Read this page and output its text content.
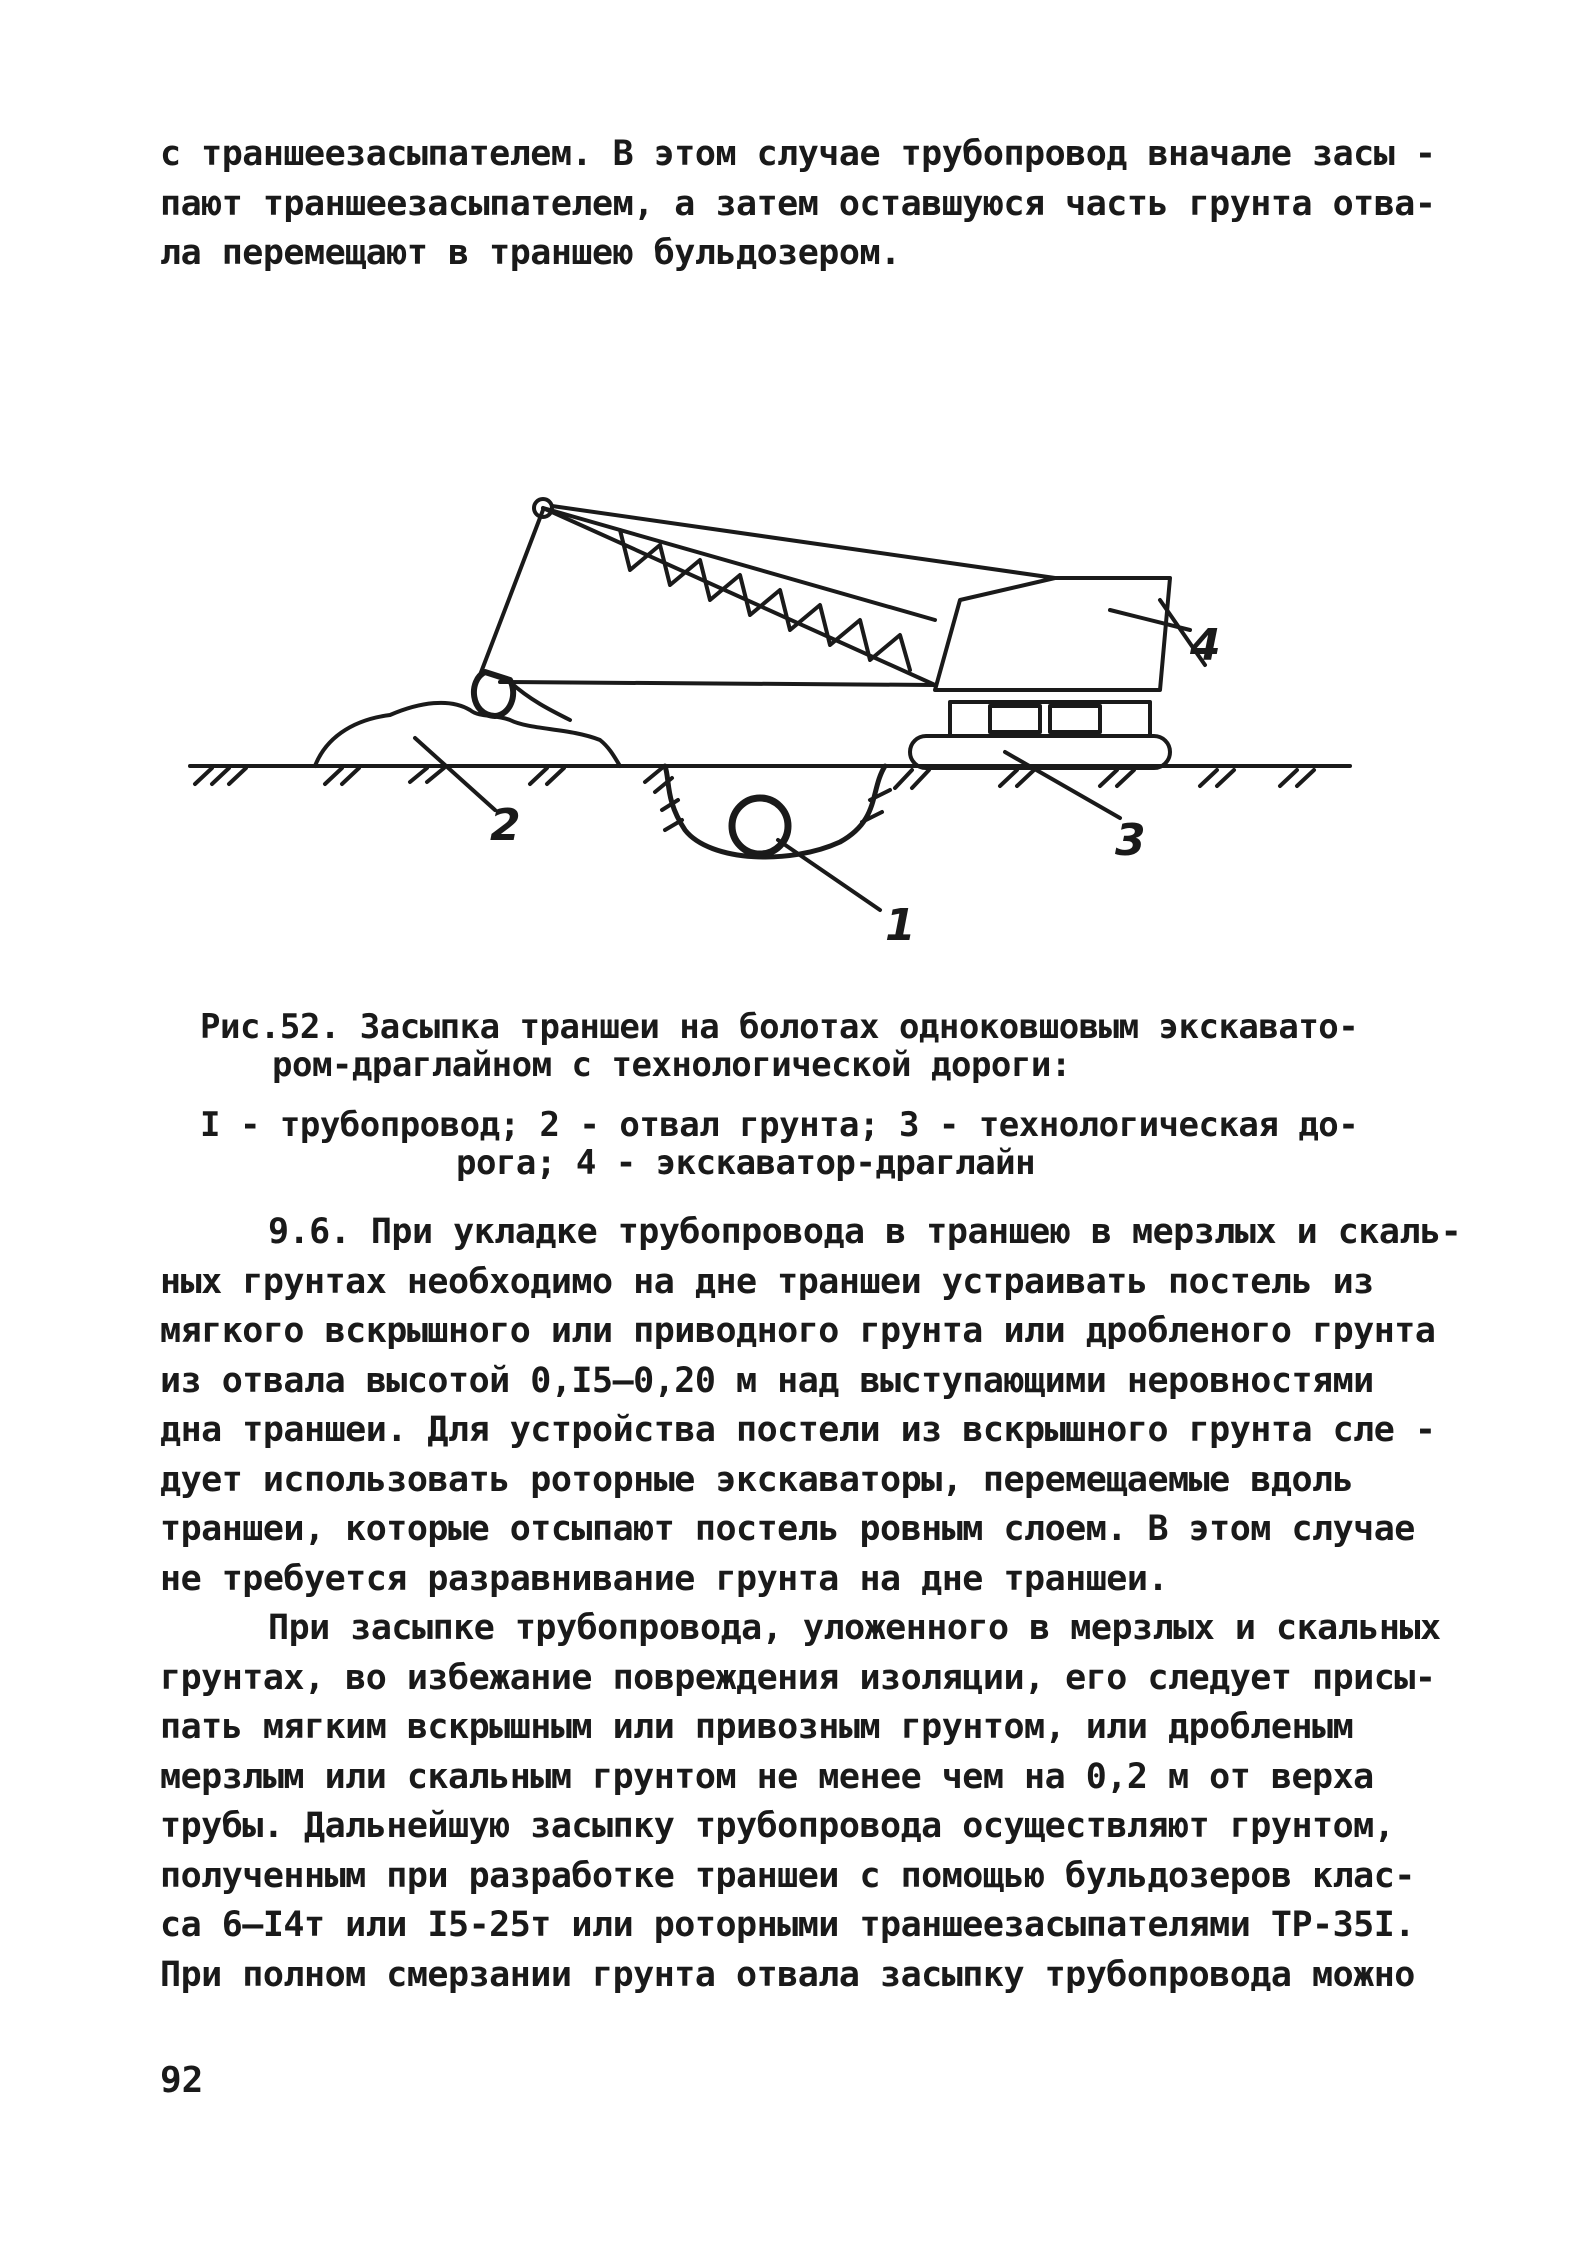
с траншеезасыпателем. В этом случае трубопровод вначале засы -
пают траншеезасыпателем, а затем оставшуюся часть грунта отва-
ла перемещают в траншею бульдозером.
1
2	3
4
Рис.52. Засыпка траншеи на болотах одноковшовым экскавато-
ром-драглайном с технологической дороги:
I - трубопровод; 2 - отвал грунта; 3 - технологическая до-
рога; 4 - экскаватор-драглайн
9.6. При укладке трубопровода в траншею в мерзлых и скаль-
ных грунтах необходимо на дне траншеи устраивать постель из
мягкого вскрышного или приводного грунта или дробленого грунта
из отвала высотой 0,I5–0,20 м над выступающими неровностями
дна траншеи. Для устройства постели из вскрышного грунта сле -
дует использовать роторные экскаваторы, перемещаемые вдоль
траншеи, которые отсыпают постель ровным слоем. В этом случае
не требуется разравнивание грунта на дне траншеи.
При засыпке трубопровода, уложенного в мерзлых и скальных
грунтах, во избежание повреждения изоляции, его следует присы-
пать мягким вскрышным или привозным грунтом, или дробленым
мерзлым или скальным грунтом не менее чем на 0,2 м от верха
трубы. Дальнейшую засыпку трубопровода осуществляют грунтом,
полученным при разработке траншеи с помощью бульдозеров клас-
са 6–I4т или I5-25т или роторными траншеезасыпателями ТР-35I.
При полном смерзании грунта отвала засыпку трубопровода можно
92
